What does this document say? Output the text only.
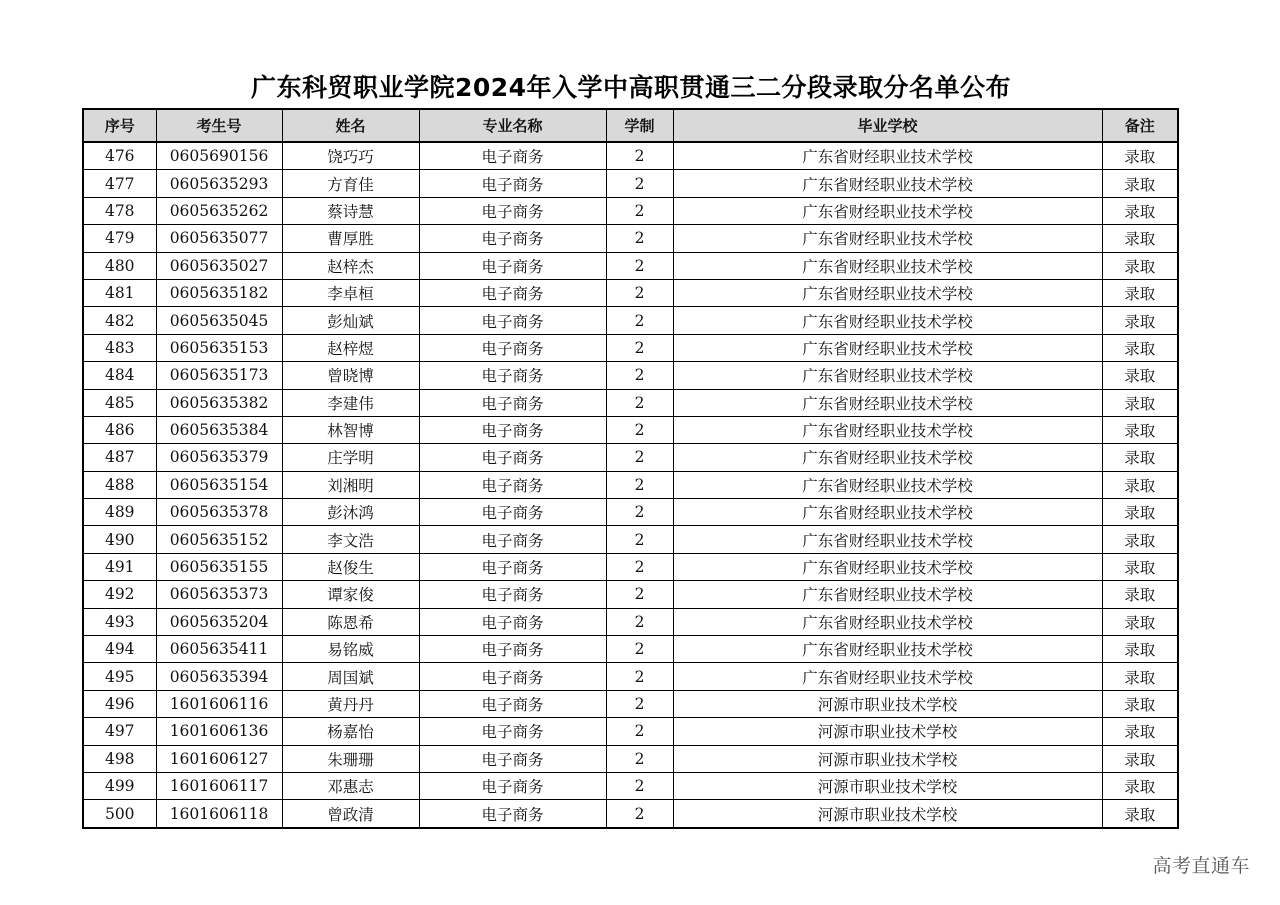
广东科贸职业学院2024年入学中高职贯通三二分段录取分名单公布
序号	考生号	姓名	专业名称	学制	毕业学校	备注
476	0605690156	饶巧巧	电子商务	2	广东省财经职业技术学校	录取
477	0605635293	方育佳	电子商务	2	广东省财经职业技术学校	录取
478	0605635262	蔡诗慧	电子商务	2	广东省财经职业技术学校	录取
479	0605635077	曹厚胜	电子商务	2	广东省财经职业技术学校	录取
480	0605635027	赵梓杰	电子商务	2	广东省财经职业技术学校	录取
481	0605635182	李卓桓	电子商务	2	广东省财经职业技术学校	录取
482	0605635045	彭灿斌	电子商务	2	广东省财经职业技术学校	录取
483	0605635153	赵梓煜	电子商务	2	广东省财经职业技术学校	录取
484	0605635173	曾晓博	电子商务	2	广东省财经职业技术学校	录取
485	0605635382	李建伟	电子商务	2	广东省财经职业技术学校	录取
486	0605635384	林智博	电子商务	2	广东省财经职业技术学校	录取
487	0605635379	庄学明	电子商务	2	广东省财经职业技术学校	录取
488	0605635154	刘湘明	电子商务	2	广东省财经职业技术学校	录取
489	0605635378	彭沐鸿	电子商务	2	广东省财经职业技术学校	录取
490	0605635152	李文浩	电子商务	2	广东省财经职业技术学校	录取
491	0605635155	赵俊生	电子商务	2	广东省财经职业技术学校	录取
492	0605635373	谭家俊	电子商务	2	广东省财经职业技术学校	录取
493	0605635204	陈恩希	电子商务	2	广东省财经职业技术学校	录取
494	0605635411	易铭威	电子商务	2	广东省财经职业技术学校	录取
495	0605635394	周国斌	电子商务	2	广东省财经职业技术学校	录取
496	1601606116	黄丹丹	电子商务	2	河源市职业技术学校	录取
497	1601606136	杨嘉怡	电子商务	2	河源市职业技术学校	录取
498	1601606127	朱珊珊	电子商务	2	河源市职业技术学校	录取
499	1601606117	邓惠志	电子商务	2	河源市职业技术学校	录取
500	1601606118	曾政清	电子商务	2	河源市职业技术学校	录取
高考直通车
